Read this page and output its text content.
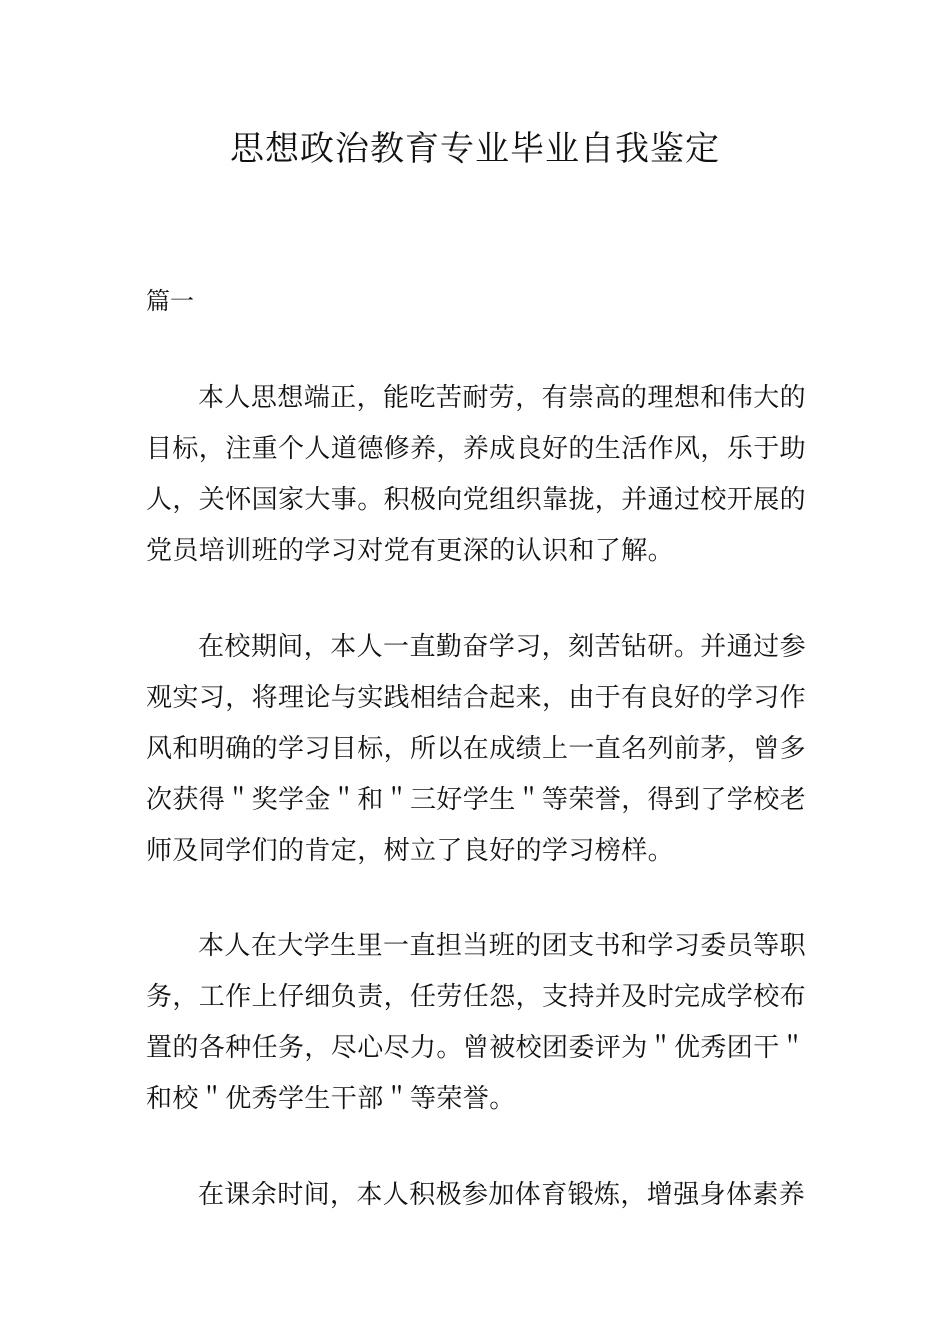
思想政治教育专业毕业自我鉴定

篇一

本人思想端正，能吃苦耐劳，有崇高的理想和伟大的目标，注重个人道德修养，养成良好的生活作风，乐于助人，关怀国家大事。积极向党组织靠拢，并通过校开展的党员培训班的学习对党有更深的认识和了解。

在校期间，本人一直勤奋学习，刻苦钻研。并通过参观实习，将理论与实践相结合起来，由于有良好的学习作风和明确的学习目标，所以在成绩上一直名列前茅，曾多次获得＂奖学金＂和＂三好学生＂等荣誉，得到了学校老师及同学们的肯定，树立了良好的学习榜样。

本人在大学生里一直担当班的团支书和学习委员等职务，工作上仔细负责，任劳任怨，支持并及时完成学校布置的各种任务，尽心尽力。曾被校团委评为＂优秀团干＂和校＂优秀学生干部＂等荣誉。

在课余时间，本人积极参加体育锻炼，增强身体素养
